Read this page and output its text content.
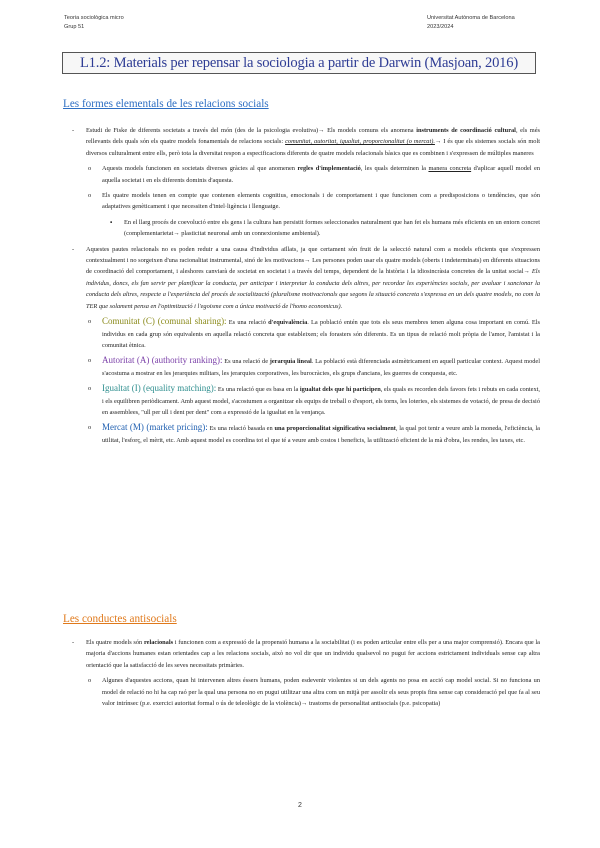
Teoria sociològica micro
Grup 51
Universitat Autònoma de Barcelona
2023/2024
L1.2: Materials per repensar la sociologia a partir de Darwin (Masjoan, 2016)
Les formes elementals de les relacions socials
- Estudi de Fiske de diferents societats a través del món (des de la psicologia evolutiva)→ Els models comuns els anomena instruments de coordinació cultural, els més rellevants dels quals són els quatre models fonamentals de relacions socials: comunitat, autoritat, igualtat, proporcionalitat (o mercat).→ I és que els sistemes socials són molt diversos culturalment entre ells, però tota la diversitat respon a especificacions diferents de quatre models relacionals bàsics que es combinen i s'expressen de múltiples maneres
o Aquests models funcionen en societats diverses gràcies al que anomenen regles d'implementació, les quals determinen la manera concreta d'aplicar aquell model en aquella societat i en els diferents dominis d'aquesta.
o Els quatre models tenen en compte que contenen elements cognitius, emocionals i de comportament i que funcionen com a predisposicions o tendències, que són adaptatives genèticament i que necessiten d'intel·ligència i llenguatge.
▪ En el llarg procés de coevolució entre els gens i la cultura han persistit formes seleccionades naturalment que han fet els humans més eficients en un entorn concret (complementarietat→ plasticitat neuronal amb un connexionisme ambiental).
- Aquestes pautes relacionals no es poden reduir a una causa d'individus aïllats, ja que certament són fruit de la selecció natural com a models eficients que s'expressen contextualment i no sorgeixen d'una racionalitat instrumental, sinó de les motivacions→ Les persones poden usar els quatre models (oberts i indeterminats) en diferents situacions de coordinació del comportament, i aleshores canviarà de societat en societat i a través del temps, dependent de la història i la idiosincràsia concretes de la unitat social→ Els individus, doncs, els fan servir per planificar la conducta, per anticipar i interpretar la conducta dels altres, per recordar les experiències socials, per avaluar i sancionar la conducta dels altres, respecte a l'experiència del procés de socialització (pluralisme motivacionals que segons la situació concreta s'expressa en un dels quatre models, no com la TER que solament pensa en l'optimització i l'egoisme com a única motivació de l'homo economicus).
o Comunitat (C) (comunal sharing): Es una relació d'equivalència. La població entén que tots els seus membres tenen alguna cosa important en comú. Els individus en cada grup són equivalents en aquella relació concreta que estableixen; els forasters són diferents. Es un tipus de relació molt pròpia de l'amor, l'amistat i la comunitat ètnica.
o Autoritat (A) (authority ranking): Es una relació de jerarquia lineal. La població està diferenciada asimètricament en aquell particular context. Aquest model s'acostuma a mostrar en les jerarquies militars, les jerarquies corporatives, les burocràcies, els grups d'ancians, les guerres de conquesta, etc.
o Igualtat (I) (equality matching): Es una relació que es basa en la igualtat dels que hi participen, els quals es recorden dels favors fets i rebuts en cada context, i els equilibren periòdicament. Amb aquest model, s'acostumen a organitzar els equips de treball o d'esport, els torns, les loteries, els sistemes de votació, de presa de decisió en assemblees, "ull per ull i dent per dent" com a expressió de la igualtat en la venjança.
o Mercat (M) (market pricing): Es una relació basada en una proporcionalitat significativa socialment, la qual pot tenir a veure amb la moneda, l'eficiència, la utilitat, l'esforç, el mèrit, etc. Amb aquest model es coordina tot el que té a veure amb costos i beneficis, la utilització eficient de la mà d'obra, les rendes, les taxes, etc.
Les conductes antisocials
- Els quatre models són relacionals i funcionen com a expressió de la propensió humana a la sociabilitat (i es poden articular entre ells per a una major comprensió). Encara que la majoria d'accions humanes estan orientades cap a les relacions socials, això no vol dir que un individu qualsevol no pugui fer accions estrictament individuals sense cap altra orientació que la satisfacció de les seves necessitats primàries.
o Algunes d'aquestes accions, quan hi intervenen altres éssers humans, poden esdevenir violentes si un dels agents no posa en acció cap model social. Si no funciona un model de relació no hi ha cap raó per la qual una persona no en pugui utilitzar una altra com un mitjà per assolir els seus propis fins sense cap consideració pel que fa al seu valor intrínsec (p.e. exercici autoritat formal o ús de teleològic de la violència)→ trastorns de personalitat antisocials (p.e. psicopatia)
2
